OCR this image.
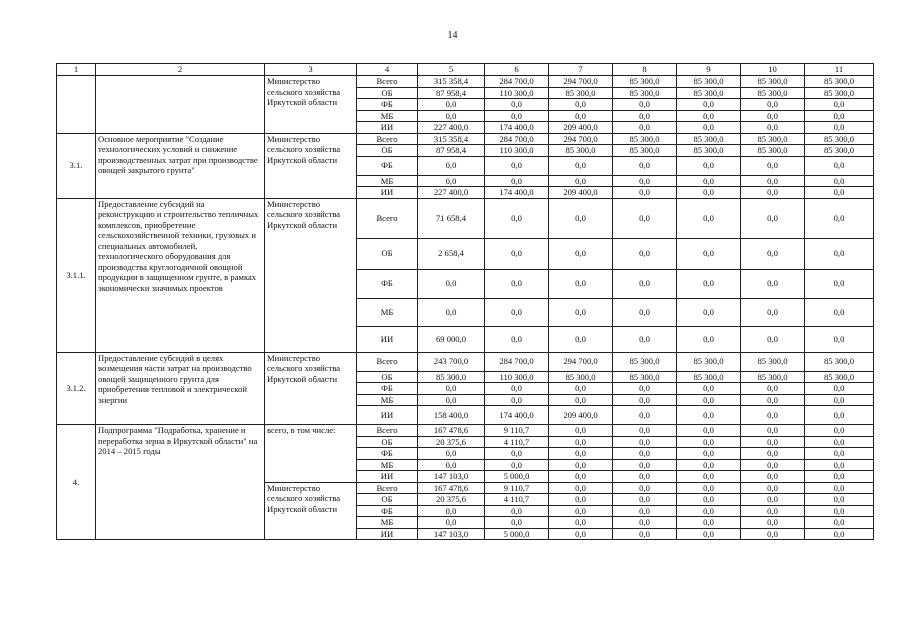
14
1	2	3	4	5	6	7	8	9	10	11
		Министерство сельского хозяйства Иркутской области	Всего	315 358,4	284 700,0	294 700,0	85 300,0	85 300,0	85 300,0	85 300,0
			ОБ	87 958,4	110 300,0	85 300,0	85 300,0	85 300,0	85 300,0	85 300,0
			ФБ	0,0	0,0	0,0	0,0	0,0	0,0	0,0
			МБ	0,0	0,0	0,0	0,0	0,0	0,0	0,0
			ИИ	227 400,0	174 400,0	209 400,0	0,0	0,0	0,0	0,0
3.1.	Основное мероприятие "Создание технологических условий и снижение производственных затрат при производстве овощей закрытого грунта"	Министерство сельского хозяйства Иркутской области	Всего	315 358,4	284 700,0	294 700,0	85 300,0	85 300,0	85 300,0	85 300,0
			ОБ	87 958,4	110 300,0	85 300,0	85 300,0	85 300,0	85 300,0	85 300,0
			ФБ	0,0	0,0	0,0	0,0	0,0	0,0	0,0
			МБ	0,0	0,0	0,0	0,0	0,0	0,0	0,0
			ИИ	227 400,0	174 400,0	209 400,0	0,0	0,0	0,0	0,0
3.1.1.	Предоставление субсидий на реконструкцию и строительство тепличных комплексов, приобретение сельскохозяйственной техники, грузовых и специальных автомобилей, технологического оборудования для производства круглогодичной овощной продукции в защищенном грунте, в рамках экономически значимых проектов	Министерство сельского хозяйства Иркутской области	Всего	71 658,4	0,0	0,0	0,0	0,0	0,0	0,0
			ОБ	2 658,4	0,0	0,0	0,0	0,0	0,0	0,0
			ФБ	0,0	0,0	0,0	0,0	0,0	0,0	0,0
			МБ	0,0	0,0	0,0	0,0	0,0	0,0	0,0
			ИИ	69 000,0	0,0	0,0	0,0	0,0	0,0	0,0
3.1.2.	Предоставление субсидий в целях возмещения части затрат на производство овощей защищенного грунта для приобретения тепловой и электрической энергии	Министерство сельского хозяйства Иркутской области	Всего	243 700,0	284 700,0	294 700,0	85 300,0	85 300,0	85 300,0	85 300,0
			ОБ	85 300,0	110 300,0	85 300,0	85 300,0	85 300,0	85 300,0	85 300,0
			ФБ	0,0	0,0	0,0	0,0	0,0	0,0	0,0
			МБ	0,0	0,0	0,0	0,0	0,0	0,0	0,0
			ИИ	158 400,0	174 400,0	209 400,0	0,0	0,0	0,0	0,0
4.	Подпрограмма "Подработка, хранение и переработка зерна в Иркутской области" на 2014 – 2015 годы	всего, в том числе:	Всего	167 478,6	9 110,7	0,0	0,0	0,0	0,0	0,0
			ОБ	20 375,6	4 110,7	0,0	0,0	0,0	0,0	0,0
			ФБ	0,0	0,0	0,0	0,0	0,0	0,0	0,0
			МБ	0,0	0,0	0,0	0,0	0,0	0,0	0,0
			ИИ	147 103,0	5 000,0	0,0	0,0	0,0	0,0	0,0
		Министерство сельского хозяйства Иркутской области	Всего	167 478,6	9 110,7	0,0	0,0	0,0	0,0	0,0
			ОБ	20 375,6	4 110,7	0,0	0,0	0,0	0,0	0,0
			ФБ	0,0	0,0	0,0	0,0	0,0	0,0	0,0
			МБ	0,0	0,0	0,0	0,0	0,0	0,0	0,0
			ИИ	147 103,0	5 000,0	0,0	0,0	0,0	0,0	0,0
